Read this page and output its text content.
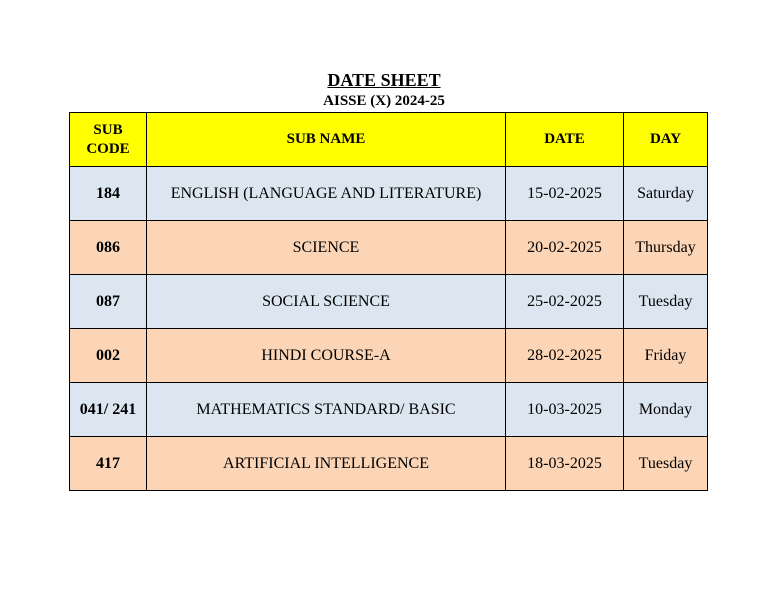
DATE SHEET
AISSE (X) 2024-25
SUB
CODE	SUB NAME	DATE	DAY
184	ENGLISH (LANGUAGE AND LITERATURE)	15-02-2025	Saturday
086	SCIENCE	20-02-2025	Thursday
087	SOCIAL SCIENCE	25-02-2025	Tuesday
002	HINDI COURSE-A	28-02-2025	Friday
041/ 241	MATHEMATICS STANDARD/ BASIC	10-03-2025	Monday
417	ARTIFICIAL INTELLIGENCE	18-03-2025	Tuesday
